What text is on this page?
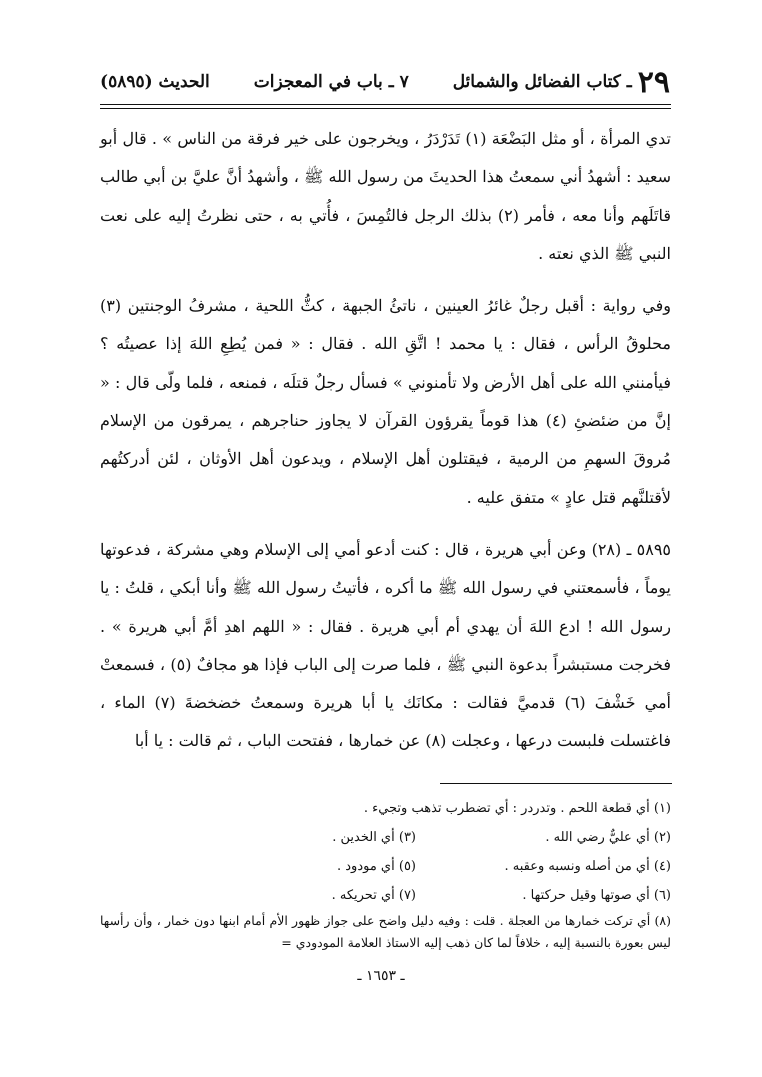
٢٩
ـ كتاب الفضائل والشمائل
٧ ـ باب في المعجزات
الحديث (٥٨٩٥)

تدي المرأة ، أو مثل البَضْعَة (١) تَدَرْدَرُ ، ويخرجون على خير فرقة من الناس » . قال أبو سعيد : أشهدُ أني سمعتُ هذا الحديثَ من رسول الله ﷺ ، وأشهدُ أنَّ عليَّ بن أبي طالب قاتَلَهم وأنا معه ، فأمر (٢) بذلك الرجل فالتُمِسَ ، فأُتي به ، حتى نظرتُ إليه على نعت النبي ﷺ الذي نعته .

وفي رواية : أقبل رجلٌ غائرُ العينين ، ناتئُ الجبهة ، كثُّ اللحية ، مشرفُ الوجنتين (٣) محلوقُ الرأس ، فقال : يا محمد ! اتَّقِ الله . فقال : « فمن يُطِعِ اللهَ إذا عصيتُه ؟ فيأمنني الله على أهل الأرض ولا تأمنوني » فسأل رجلٌ قتلَه ، فمنعه ، فلما ولّى قال : « إنَّ من ضئضئِ (٤) هذا قوماً يقرؤون القرآن لا يجاوز حناجرهم ، يمرقون من الإسلام مُروقَ السهمِ من الرمية ، فيقتلون أهل الإسلام ، ويدعون أهل الأوثان ، لئن أدركتُهم لأقتلنَّهم قتل عادٍ » متفق عليه .

٥٨٩٥ ـ (٢٨) وعن أبي هريرة ، قال : كنت أدعو أمي إلى الإسلام وهي مشركة ، فدعوتها يوماً ، فأسمعتني في رسول الله ﷺ ما أكره ، فأتيتُ رسول الله ﷺ وأنا أبكي ، قلتُ : يا رسول الله ! ادع اللهَ أن يهدي أم أبي هريرة . فقال : « اللهم اهدِ أمَّ أبي هريرة » . فخرجت مستبشراً بدعوة النبي ﷺ ، فلما صرت إلى الباب فإذا هو مجافٌ (٥) ، فسمعتْ أمي خَشْفَ (٦) قدميَّ فقالت : مكانَك يا أبا هريرة وسمعتُ خضخضةَ (٧) الماء ، فاغتسلت فلبست درعها ، وعجلت (٨) عن خمارها ، ففتحت الباب ، ثم قالت : يا أبا

(١) أي قطعة اللحم . وتدردر : أي تضطرب تذهب وتجيء .
(٢) أي عليٌّ رضي الله .
(٣) أي الخدين .
(٤) أي من أصله ونسبه وعقبه .
(٥) أي مودود .
(٦) أي صوتها وقيل حركتها .
(٧) أي تحريكه .
(٨) أي تركت خمارها من العجلة . قلت : وفيه دليل واضح على جواز ظهور الأم أمام ابنها دون خمار ، وأن رأسها ليس بعورة بالنسبة إليه ، خلافاً لما كان ذهب إليه الاستاذ العلامة المودودي =
ـ ١٦٥٣ ـ
